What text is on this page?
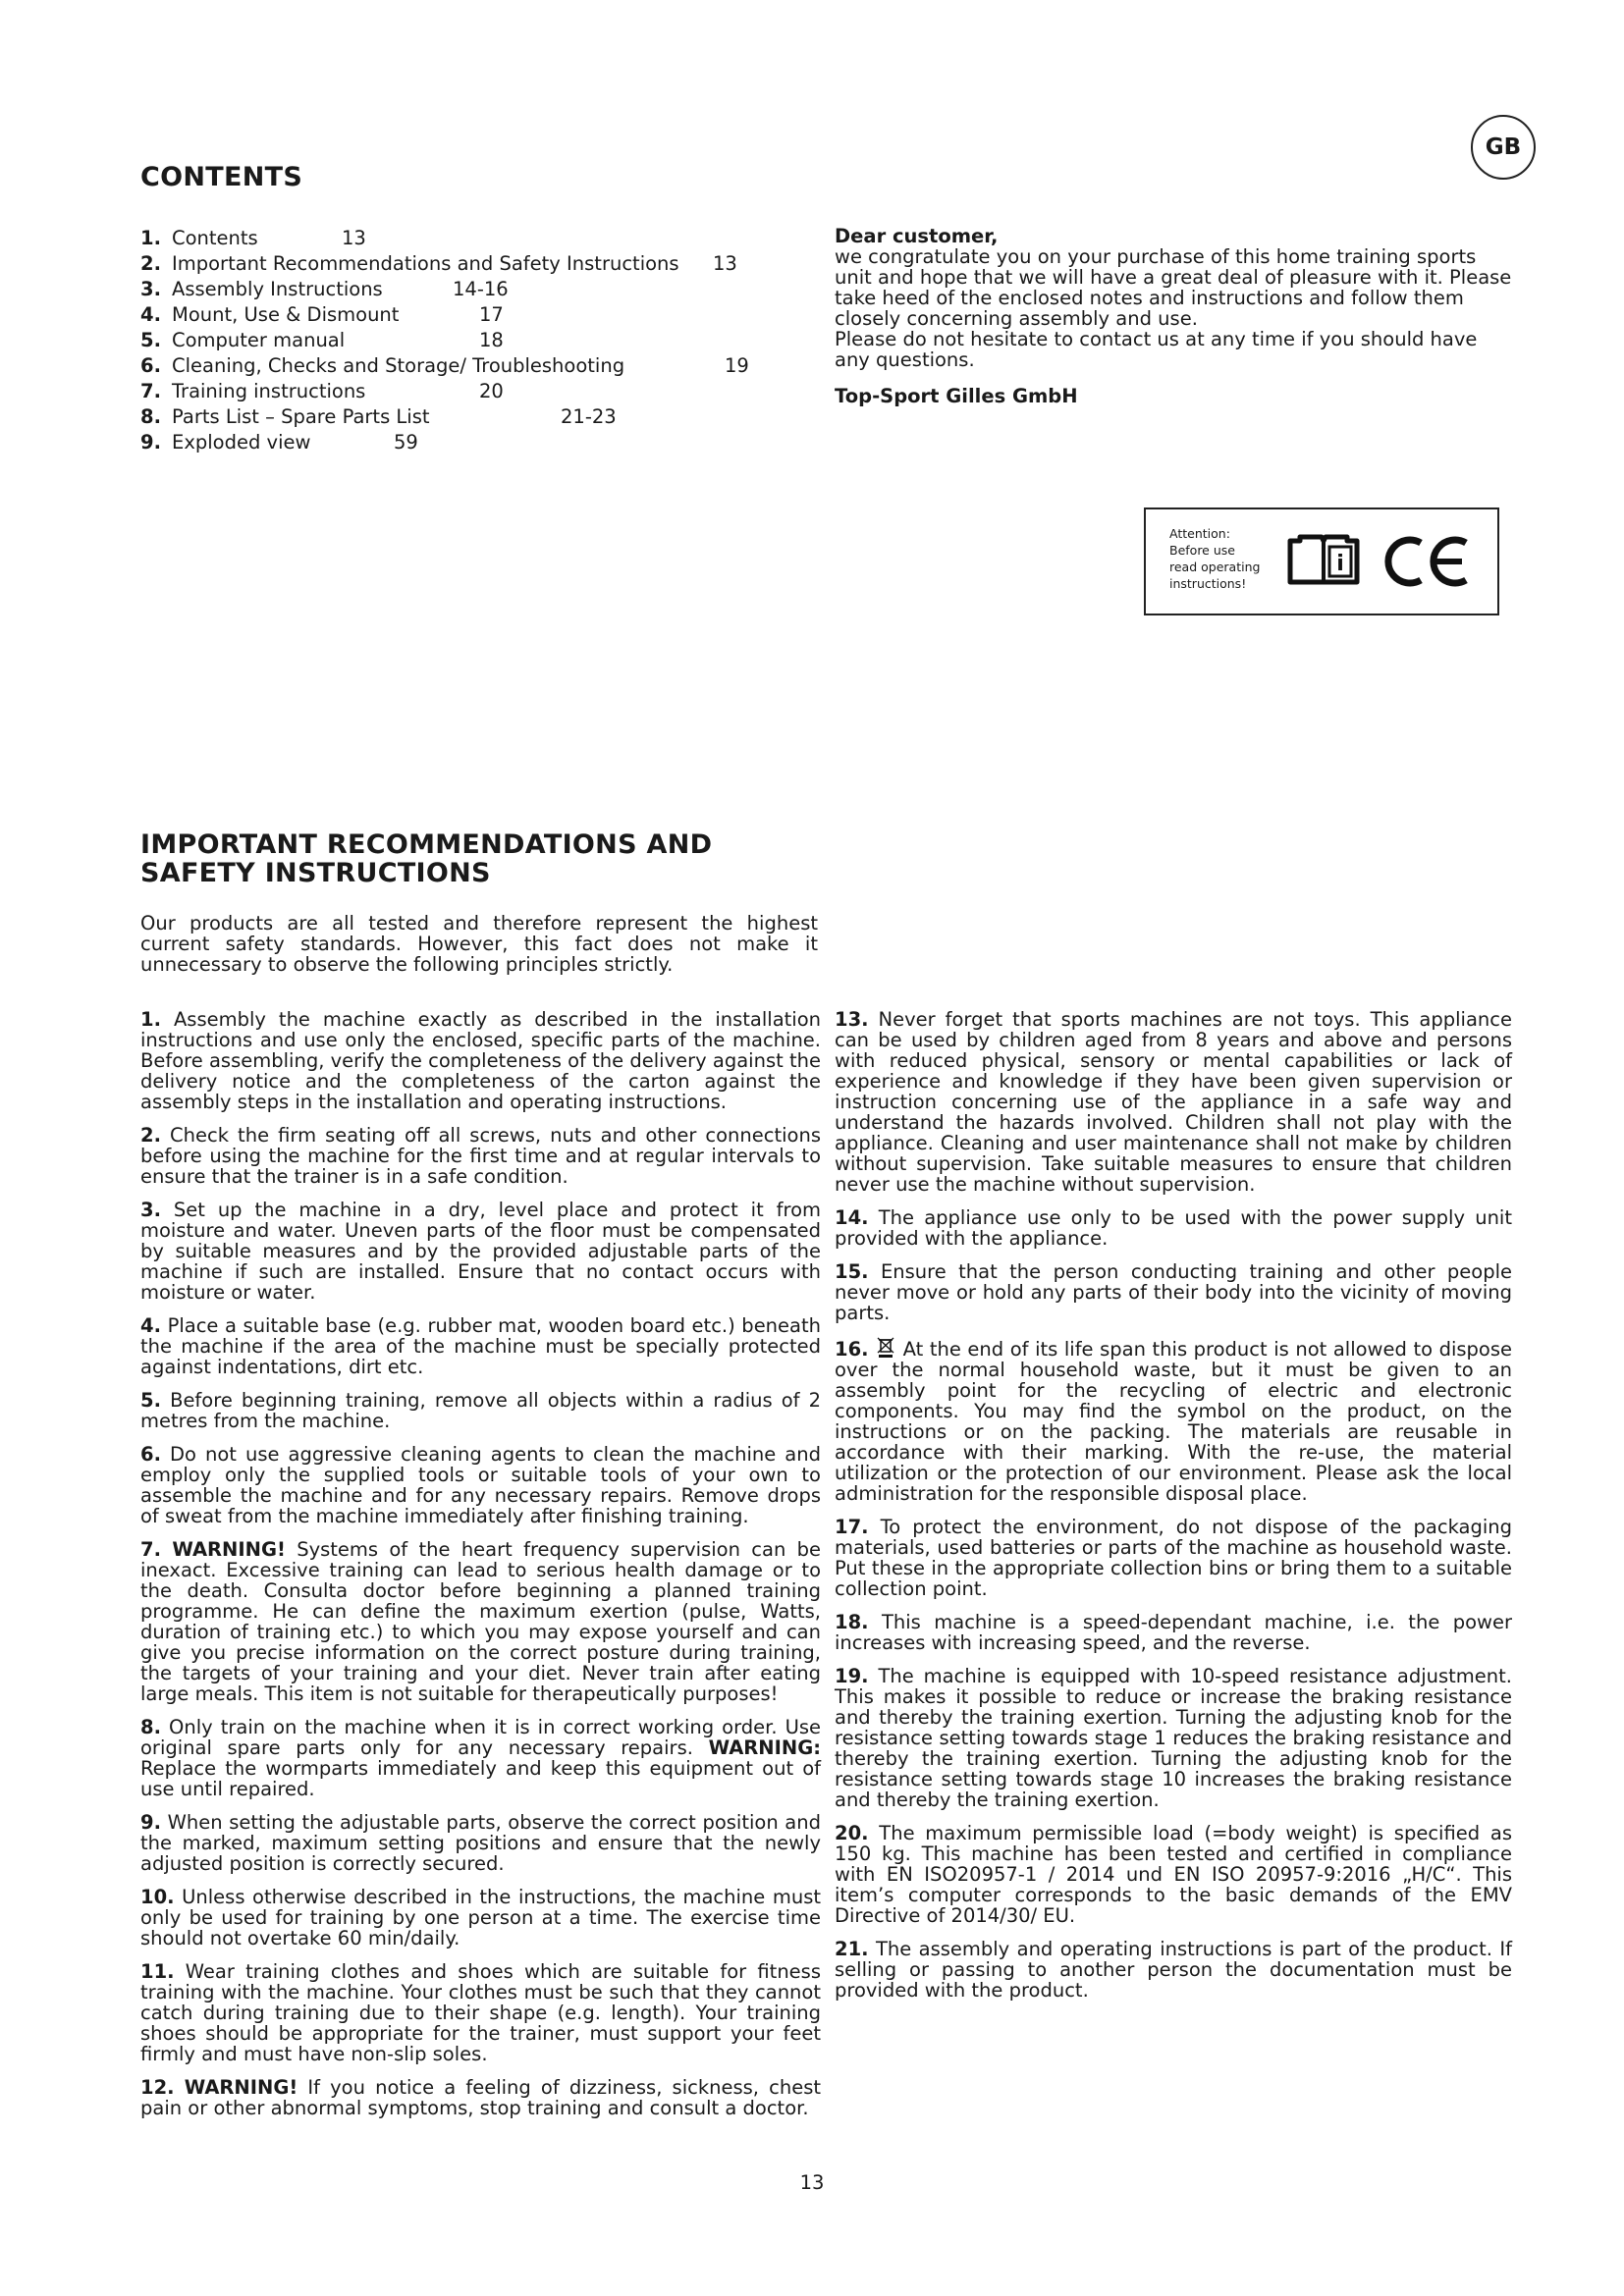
GB
CONTENTS
1. Contents	13
2. Important Recommendations and Safety Instructions 13
3. Assembly Instructions	14-16
4. Mount, Use & Dismount	17
5. Computer manual	18
6. Cleaning, Checks and Storage/ Troubleshooting	19
7. Training instructions	20
8. Parts List – Spare Parts List	21-23
9. Exploded view	59
Dear customer,
we congratulate you on your purchase of this home training sports unit and hope that we will have a great deal of pleasure with it. Please take heed of the enclosed notes and instructions and follow them closely concerning assembly and use.
Please do not hesitate to contact us at any time if you should have any questions.
Top-Sport Gilles GmbH
Attention:
Before use
read operating
instructions!
i
IMPORTANT RECOMMENDATIONS AND
SAFETY INSTRUCTIONS
Our products are all tested and therefore represent the highest current safety standards. However, this fact does not make it unnecessary to observe the following principles strictly.
1. Assembly the machine exactly as described in the installation instructions and use only the enclosed, specific parts of the machine. Before assembling, verify the completeness of the delivery against the delivery notice and the completeness of the carton against the assembly steps in the installation and operating instructions.
2. Check the firm seating off all screws, nuts and other connections before using the machine for the first time and at regular intervals to ensure that the trainer is in a safe condition.
3. Set up the machine in a dry, level place and protect it from moisture and water. Uneven parts of the floor must be compensated by suitable measures and by the provided adjustable parts of the machine if such are installed. Ensure that no contact occurs with moisture or water.
4. Place a suitable base (e.g. rubber mat, wooden board etc.) beneath the machine if the area of the machine must be specially protected against indentations, dirt etc.
5. Before beginning training, remove all objects within a radius of 2 metres from the machine.
6. Do not use aggressive cleaning agents to clean the machine and employ only the supplied tools or suitable tools of your own to assemble the machine and for any necessary repairs. Remove drops of sweat from the machine immediately after finishing training.
7. WARNING! Systems of the heart frequency supervision can be inexact. Excessive training can lead to serious health damage or to the death. Consulta doctor before beginning a planned training programme. He can define the maximum exertion (pulse, Watts, duration of training etc.) to which you may expose yourself and can give you precise information on the correct posture during training, the targets of your training and your diet. Never train after eating large meals. This item is not suitable for therapeutically purposes!
8. Only train on the machine when it is in correct working order. Use original spare parts only for any necessary repairs. WARNING: Replace the wormparts immediately and keep this equipment out of use until repaired.
9. When setting the adjustable parts, observe the correct position and the marked, maximum setting positions and ensure that the newly adjusted position is correctly secured.
10. Unless otherwise described in the instructions, the machine must only be used for training by one person at a time. The exercise time should not overtake 60 min/daily.
11. Wear training clothes and shoes which are suitable for fitness training with the machine. Your clothes must be such that they cannot catch during training due to their shape (e.g. length). Your training shoes should be appropriate for the trainer, must support your feet firmly and must have non-slip soles.
12. WARNING! If you notice a feeling of dizziness, sickness, chest pain or other abnormal symptoms, stop training and consult a doctor.
13. Never forget that sports machines are not toys. This appliance can be used by children aged from 8 years and above and persons with reduced physical, sensory or mental capabilities or lack of experience and knowledge if they have been given supervision or instruction concerning use of the appliance in a safe way and understand the hazards involved. Children shall not play with the appliance. Cleaning and user maintenance shall not make by children without supervision. Take suitable measures to ensure that children never use the machine without supervision.
14. The appliance use only to be used with the power supply unit provided with the appliance.
15. Ensure that the person conducting training and other people never move or hold any parts of their body into the vicinity of moving parts.
16. At the end of its life span this product is not allowed to dispose over the normal household waste, but it must be given to an assembly point for the recycling of electric and electronic components. You may find the symbol on the product, on the instructions or on the packing. The materials are reusable in accordance with their marking. With the re-use, the material utilization or the protection of our environment. Please ask the local administration for the responsible disposal place.
17. To protect the environment, do not dispose of the packaging materials, used batteries or parts of the machine as household waste. Put these in the appropriate collection bins or bring them to a suitable collection point.
18. This machine is a speed-dependant machine, i.e. the power increases with increasing speed, and the reverse.
19. The machine is equipped with 10-speed resistance adjustment. This makes it possible to reduce or increase the braking resistance and thereby the training exertion. Turning the adjusting knob for the resistance setting towards stage 1 reduces the braking resistance and thereby the training exertion. Turning the adjusting knob for the resistance setting towards stage 10 increases the braking resistance and thereby the training exertion.
20. The maximum permissible load (=body weight) is specified as 150 kg. This machine has been tested and certified in compliance with EN ISO20957-1 / 2014 und EN ISO 20957-9:2016 „H/C“. This item’s computer corresponds to the basic demands of the EMV Directive of 2014/30/ EU.
21. The assembly and operating instructions is part of the product. If selling or passing to another person the documentation must be provided with the product.
13
